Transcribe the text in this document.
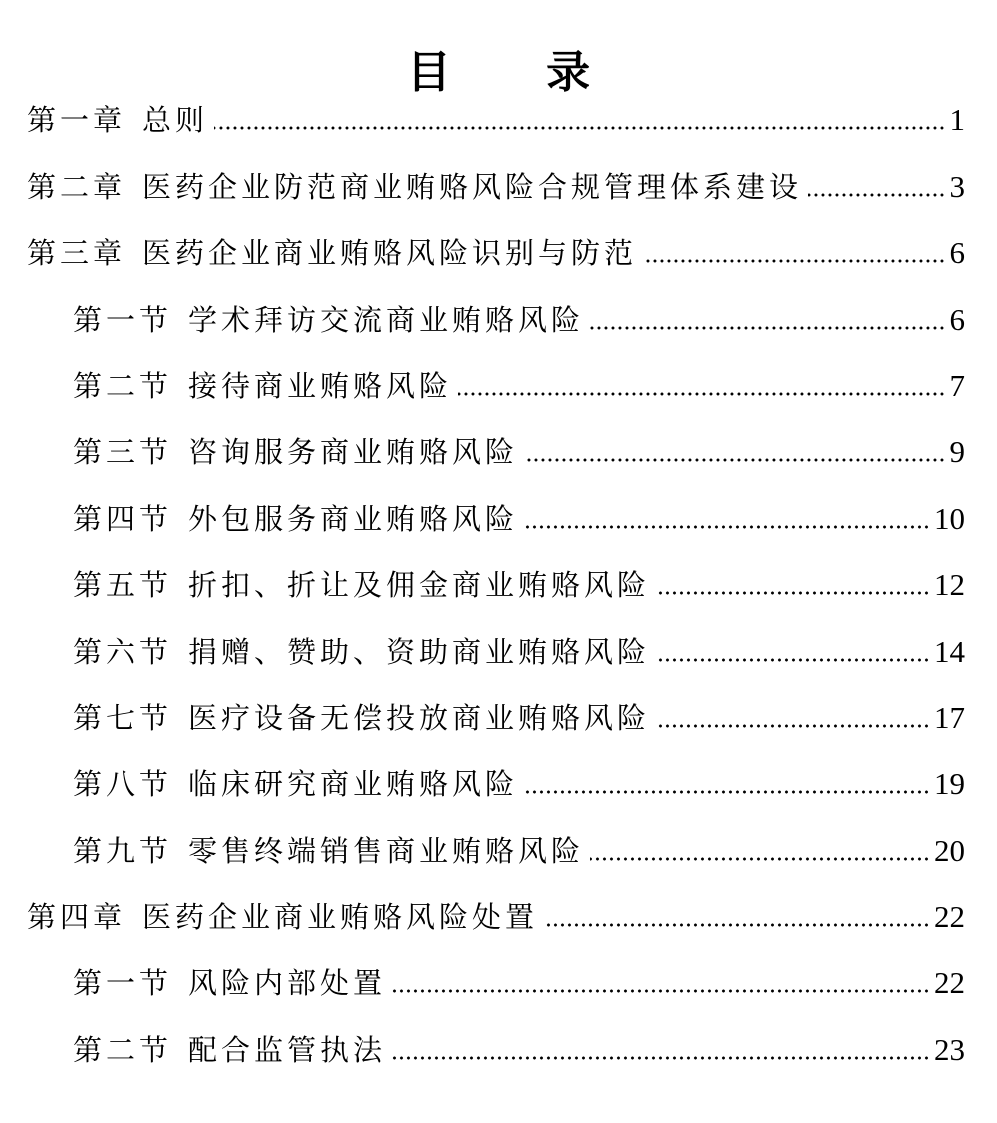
目 录
第一章 总则	1
第二章 医药企业防范商业贿赂风险合规管理体系建设	3
第三章 医药企业商业贿赂风险识别与防范	6
第一节 学术拜访交流商业贿赂风险	6
第二节 接待商业贿赂风险	7
第三节 咨询服务商业贿赂风险	9
第四节 外包服务商业贿赂风险	10
第五节 折扣、折让及佣金商业贿赂风险	12
第六节 捐赠、赞助、资助商业贿赂风险	14
第七节 医疗设备无偿投放商业贿赂风险	17
第八节 临床研究商业贿赂风险	19
第九节 零售终端销售商业贿赂风险	20
第四章 医药企业商业贿赂风险处置	22
第一节 风险内部处置	22
第二节 配合监管执法	23
